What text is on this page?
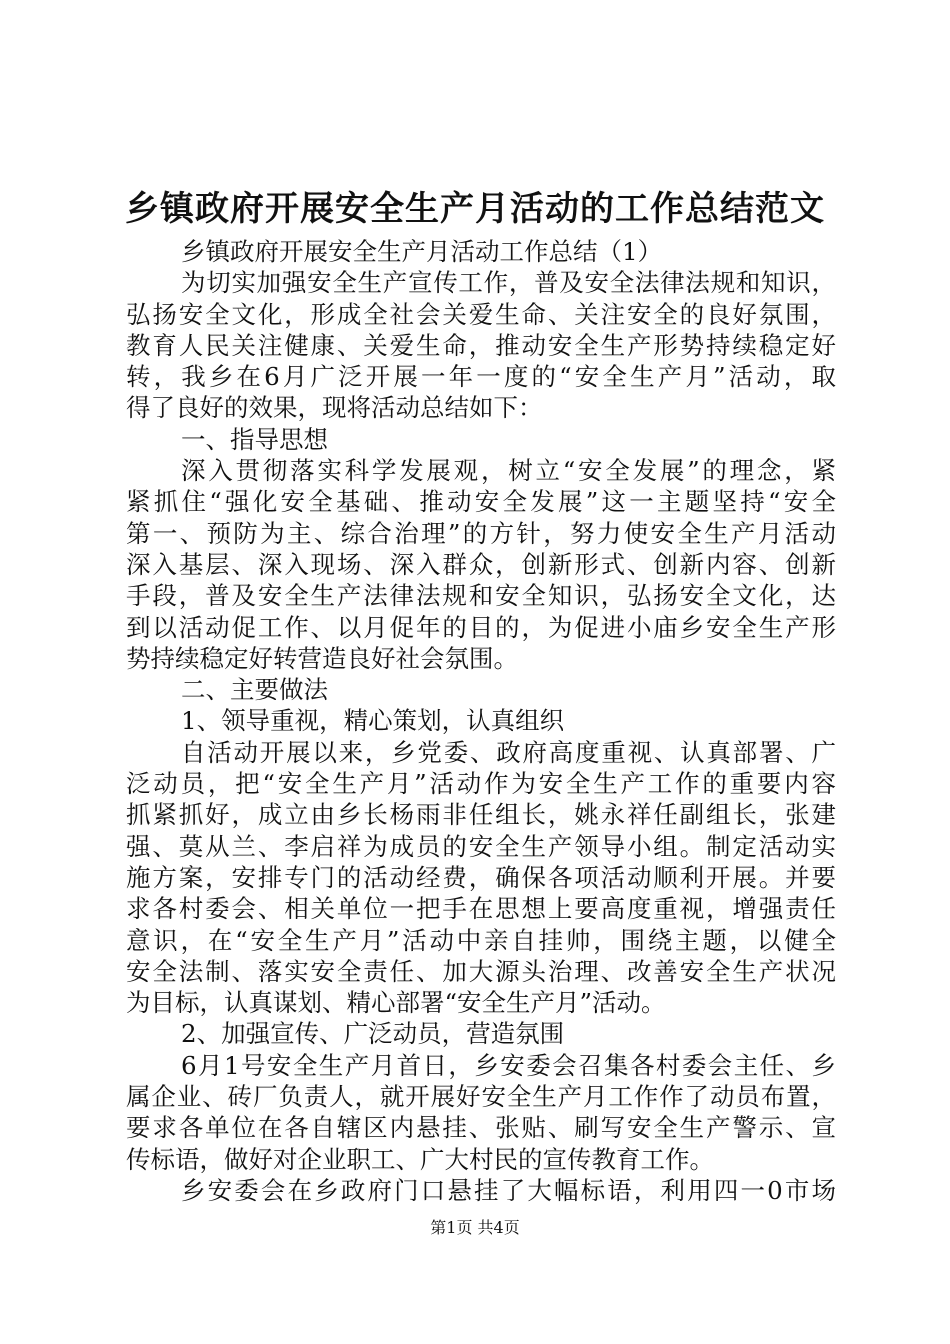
乡镇政府开展安全生产月活动的工作总结范文
乡镇政府开展安全生产月活动工作总结（1）
为切实加强安全生产宣传工作，普及安全法律法规和知识，
弘扬安全文化，形成全社会关爱生命、关注安全的良好氛围，
教育人民关注健康、关爱生命，推动安全生产形势持续稳定好
转，我乡在6月广泛开展一年一度的“安全生产月”活动，取
得了良好的效果，现将活动总结如下：
一、指导思想
深入贯彻落实科学发展观，树立“安全发展”的理念，紧
紧抓住“强化安全基础、推动安全发展”这一主题坚持“安全
第一、预防为主、综合治理”的方针，努力使安全生产月活动
深入基层、深入现场、深入群众，创新形式、创新内容、创新
手段，普及安全生产法律法规和安全知识，弘扬安全文化，达
到以活动促工作、以月促年的目的，为促进小庙乡安全生产形
势持续稳定好转营造良好社会氛围。
二、主要做法
1、领导重视，精心策划，认真组织
自活动开展以来，乡党委、政府高度重视、认真部署、广
泛动员，把“安全生产月”活动作为安全生产工作的重要内容
抓紧抓好，成立由乡长杨雨非任组长，姚永祥任副组长，张建
强、莫从兰、李启祥为成员的安全生产领导小组。制定活动实
施方案，安排专门的活动经费，确保各项活动顺利开展。并要
求各村委会、相关单位一把手在思想上要高度重视，增强责任
意识，在“安全生产月”活动中亲自挂帅，围绕主题，以健全
安全法制、落实安全责任、加大源头治理、改善安全生产状况
为目标，认真谋划、精心部署“安全生产月”活动。
2、加强宣传、广泛动员，营造氛围
6月1号安全生产月首日，乡安委会召集各村委会主任、乡
属企业、砖厂负责人，就开展好安全生产月工作作了动员布置，
要求各单位在各自辖区内悬挂、张贴、刷写安全生产警示、宣
传标语，做好对企业职工、广大村民的宣传教育工作。
乡安委会在乡政府门口悬挂了大幅标语，利用四一0市场
第1页 共4页
